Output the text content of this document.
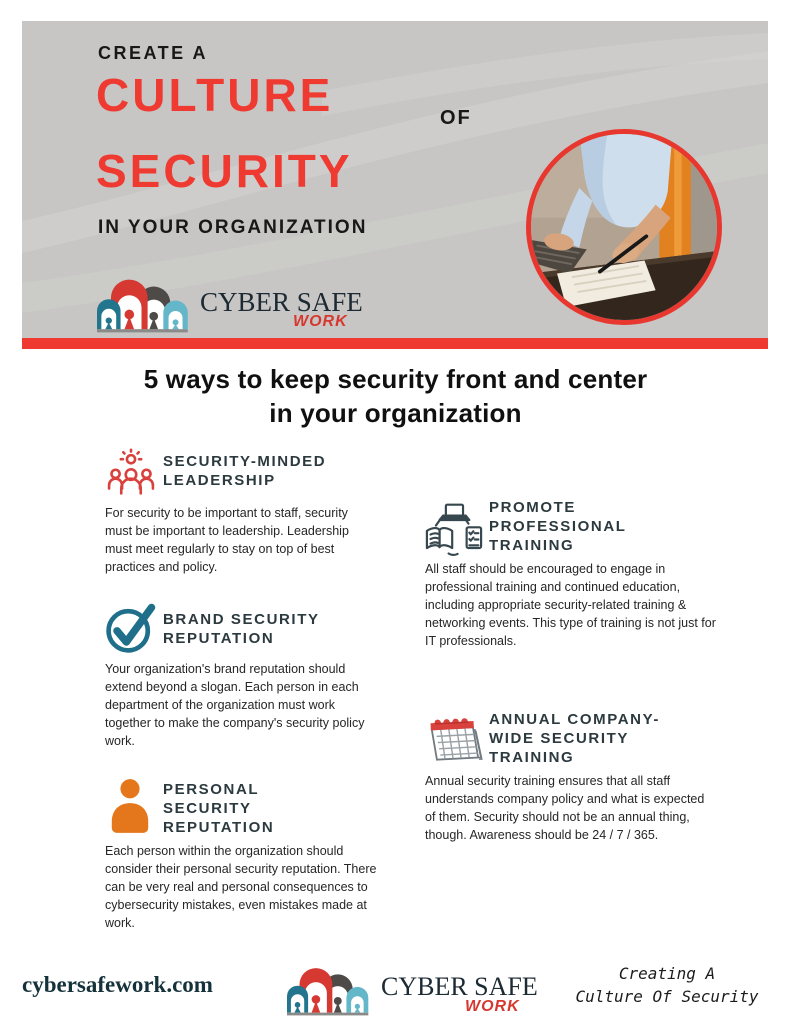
CREATE A
CULTURE	OF
SECURITY
IN YOUR ORGANIZATION
CYBER SAFE
WORK
5 ways to keep security front and center
in your organization
SECURITY-MINDED
LEADERSHIP
For security to be important to staff, security must be important to leadership. Leadership must meet regularly to stay on top of best practices and policy.
BRAND SECURITY
REPUTATION
Your organization's brand reputation should extend beyond a slogan. Each person in each department of the organization must work together to make the company's security policy work.
PERSONAL
SECURITY
REPUTATION
Each person within the organization should consider their personal security reputation. There can be very real and personal consequences to cybersecurity mistakes, even mistakes made at work.
PROMOTE
PROFESSIONAL
TRAINING
All staff should be encouraged to engage in professional training and continued education, including appropriate security-related training & networking events. This type of training is not just for IT professionals.
ANNUAL COMPANY-
WIDE SECURITY
TRAINING
Annual security training ensures that all staff understands company policy and what is expected of them. Security should not be an annual thing, though. Awareness should be 24 / 7 / 365.
cybersafework.com	CYBER SAFE
WORK
Creating A
Culture Of Security
